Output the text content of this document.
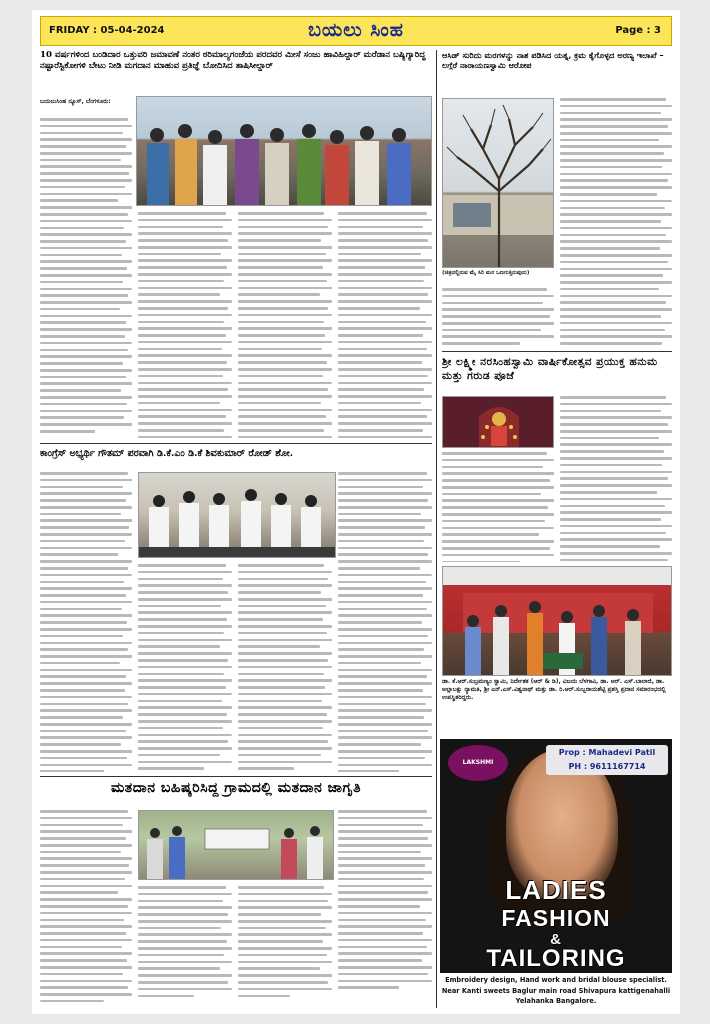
FRIDAY : 05-04-2024	ಬಯಲು ಸಿಂಹ	Page : 3
10 ವರ್ಷಗಳಿಂದ ಬಂಡಿದಾರ ಒತ್ತುವರಿ ಜಮಾವಣೆ ನಂತರ ಠರಿಮಾಲ್ಯಗಂಜೆಯ ಪರದವರ ಮೀಸೆ ಸಂಜು ಹಾವಿಹಿಲ್ದಾರ್ ಮರೆಡಾನ ಬಷ್ಯಿಗ್ಯಾರಿದ್ಧ ನಷ್ಟಾರೆಸ್ಟಿಕೋಗಳಿ ಬೇಟು ನೀಡಿ ಮಗದಾನ ಮಾಹುವ ಪ್ರತಿಜ್ಞೆ ಬೋದಿಸಿದ ತಾಷಿಸೀಲ್ದಾರ್
ಬಯಲುಸಿಂಹ ನ್ಯೂಸ್, ಬೆಂಗಳೂರು:
ಕಾಂಗ್ರೆಸ್ ಅಭ್ಯರ್ಥಿ ಗೌತಮ್ ಪರವಾಗಿ ಡಿ.ಕೆ.ಎಂ ಡಿ.ಕೆ ಶಿವಕುಮಾರ್ ರೋಡ್ ಶೋ.
ಮತದಾನ ಬಹಿಷ್ಕರಿಸಿದ್ದ ಗ್ರಾಮದಲ್ಲಿ ಮತದಾನ ಜಾಗೃತಿ
ಆಸಿಡ್ ಸುರಿದು ಮರಗಳನ್ನು ನಾಶ ಪಡಿಸಿದ ಯತ್ನ, ಕ್ರಮ ಕೈಗೊಳ್ಳದ ಅರಣ್ಯ ಇಲಾಖೆ – ಲಗ್ಗೆರೆ ನಾರಾಯಣಸ್ವಾಮಿ ಆರೋಪ
(ಚಿತ್ರದಲ್ಲಿರುವ ಮೈ ಸಿರಿ ಮರ ಒಣಗುತ್ತಿರುವುದು)
ಶ್ರೀ ಲಕ್ಷ್ಮೀ ನರಸಿಂಹಸ್ವಾಮಿ ವಾರ್ಷಿಕೋತ್ಸವ ಪ್ರಯುಕ್ತ ಹನುಮ ಮತ್ತು ಗರುಡ ಪೂಜೆ
ಡಾ. ಕೆ.ಆರ್.ಸುಬ್ರಮಣ್ಯಂ ಸ್ವಾಮಿ, ನಿರ್ದೇಶಕ (ಆರ್ & ಡಿ), ವಿಜಯ ಬೆಳಗಾವಿ, ಡಾ. ಆರ್. ಎಸ್.ಬಾಲಾಜಿ, ಡಾ. ಅಲ್ಲಾಬಕ್ಷು ನ್ಯಾಮತಿ, ಶ್ರೀ ಎನ್.ಎಸ್.ವಿಶ್ವನಾಥ್ ಮತ್ತು ಡಾ. ರಿ.ಆರ್.ಸುಬ್ಬರಾಯಶೆಟ್ಟಿ ಪ್ರಶಸ್ತಿ ಪ್ರದಾನ ಸಮಾರಂಭದಲ್ಲಿ ಉಪಸ್ಥಿತರಿದ್ದರು.
LAKSHMI
Prop : Mahadevi Patil
PH : 9611167714
LADIES
FASHION
&
TAILORING
Embroidery design, Hand work and bridal blouse specialist.
Near Kanti sweets Baglur main road Shivapura kattigenahalli
Yelahanka Bangalore.
